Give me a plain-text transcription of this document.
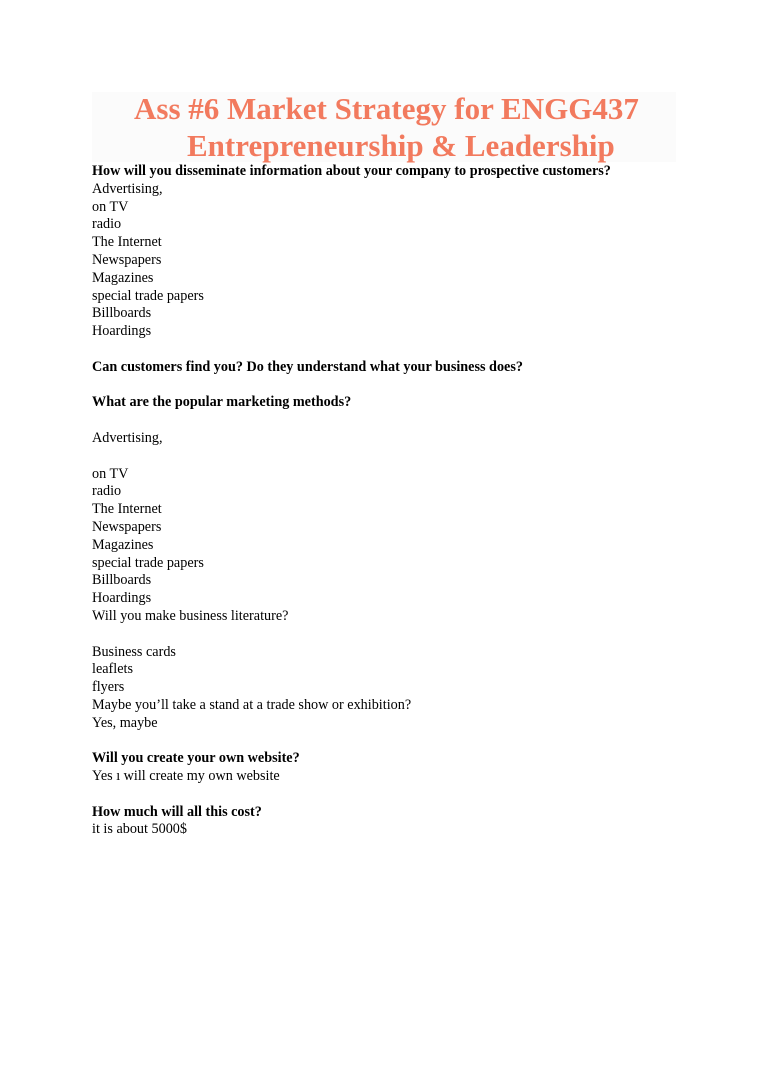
Ass #6 Market Strategy for ENGG437
Entrepreneurship & Leadership
How will you disseminate information about your company to prospective customers?
Advertising,
on TV
radio
The Internet
Newspapers
Magazines
special trade papers
Billboards
Hoardings
Can customers find you? Do they understand what your business does?
What are the popular marketing methods?
Advertising,
on TV
radio
The Internet
Newspapers
Magazines
special trade papers
Billboards
Hoardings
Will you make business literature?
Business cards
leaflets
flyers
Maybe you’ll take a stand at a trade show or exhibition?
Yes, maybe
Will you create your own website?
Yes ı will create my own website
How much will all this cost?
it is about 5000$
